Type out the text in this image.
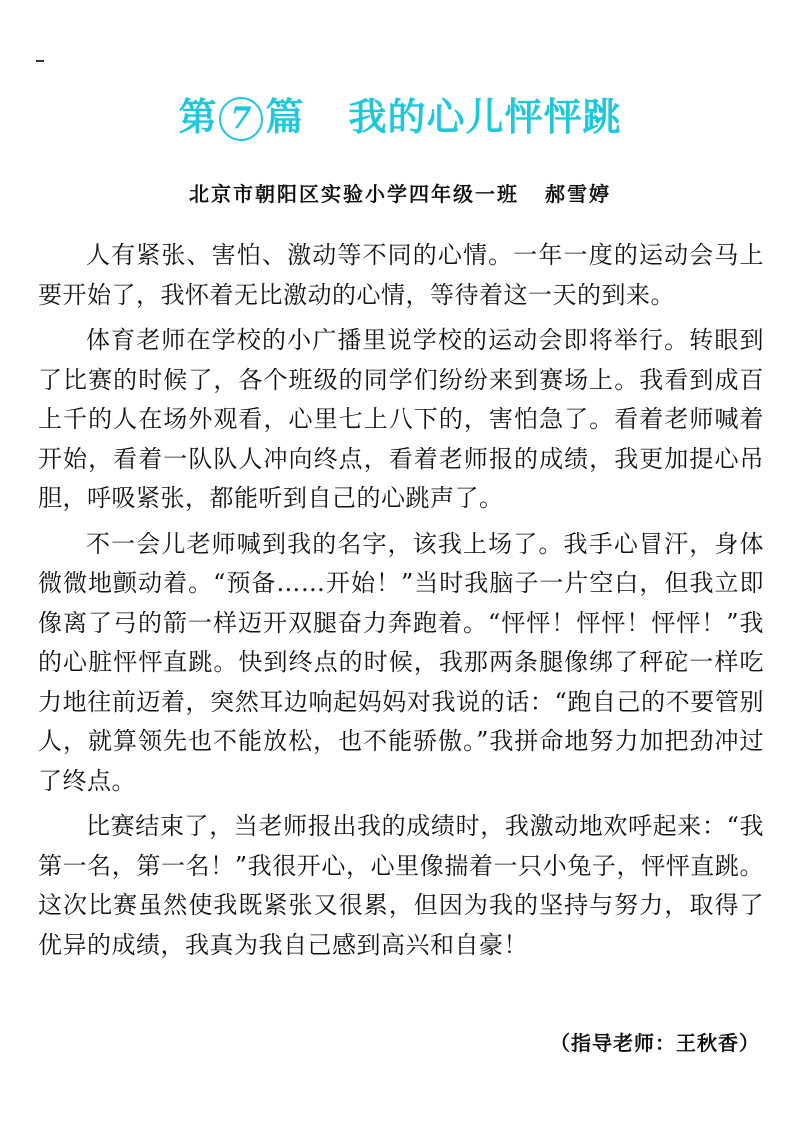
第 7 篇 我的心儿怦怦跳
北京市朝阳区实验小学四年级一班 郝雪婷

人有紧张、害怕、激动等不同的心情。一年一度的运动会马上要开始了，我怀着无比激动的心情，等待着这一天的到来。

体育老师在学校的小广播里说学校的运动会即将举行。转眼到了比赛的时候了，各个班级的同学们纷纷来到赛场上。我看到成百上千的人在场外观看，心里七上八下的，害怕急了。看着老师喊着开始，看着一队队人冲向终点，看着老师报的成绩，我更加提心吊胆，呼吸紧张，都能听到自己的心跳声了。

不一会儿老师喊到我的名字，该我上场了。我手心冒汗，身体微微地颤动着。“预备……开始！”当时我脑子一片空白，但我立即像离了弓的箭一样迈开双腿奋力奔跑着。“怦怦！怦怦！怦怦！”我的心脏怦怦直跳。快到终点的时候，我那两条腿像绑了秤砣一样吃力地往前迈着，突然耳边响起妈妈对我说的话：“跑自己的不要管别人，就算领先也不能放松，也不能骄傲。”我拼命地努力加把劲冲过了终点。

比赛结束了，当老师报出我的成绩时，我激动地欢呼起来：“我第一名，第一名！”我很开心，心里像揣着一只小兔子，怦怦直跳。这次比赛虽然使我既紧张又很累，但因为我的坚持与努力，取得了优异的成绩，我真为我自己感到高兴和自豪！

（指导老师：王秋香）
